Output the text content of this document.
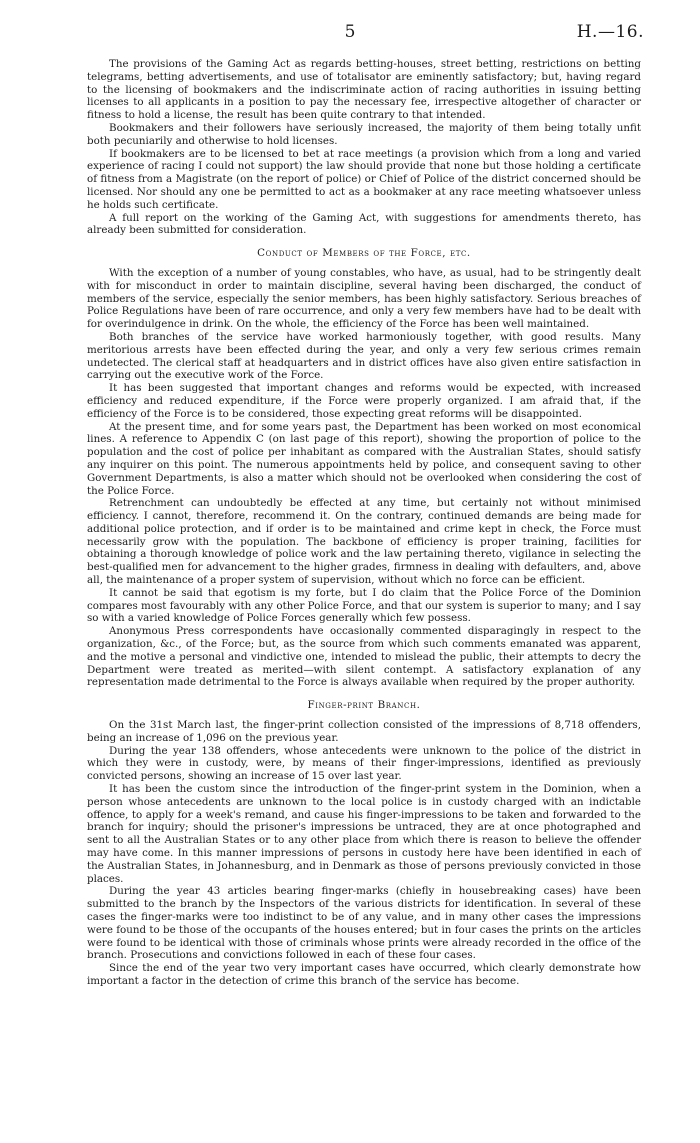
5	H.—16.

The provisions of the Gaming Act as regards betting-houses, street betting, restrictions on betting telegrams, betting advertisements, and use of totalisator are eminently satisfactory; but, having regard to the licensing of bookmakers and the indiscriminate action of racing authorities in issuing betting licenses to all applicants in a position to pay the necessary fee, irrespective altogether of character or fitness to hold a license, the result has been quite contrary to that intended.

Bookmakers and their followers have seriously increased, the majority of them being totally unfit both pecuniarily and otherwise to hold licenses.

If bookmakers are to be licensed to bet at race meetings (a provision which from a long and varied experience of racing I could not support) the law should provide that none but those holding a certificate of fitness from a Magistrate (on the report of police) or Chief of Police of the district concerned should be licensed. Nor should any one be permitted to act as a bookmaker at any race meeting whatsoever unless he holds such certificate.

A full report on the working of the Gaming Act, with suggestions for amendments thereto, has already been submitted for consideration.

Conduct of Members of the Force, etc.

With the exception of a number of young constables, who have, as usual, had to be stringently dealt with for misconduct in order to maintain discipline, several having been discharged, the conduct of members of the service, especially the senior members, has been highly satisfactory. Serious breaches of Police Regulations have been of rare occurrence, and only a very few members have had to be dealt with for overindulgence in drink. On the whole, the efficiency of the Force has been well maintained.

Both branches of the service have worked harmoniously together, with good results. Many meritorious arrests have been effected during the year, and only a very few serious crimes remain undetected. The clerical staff at headquarters and in district offices have also given entire satisfaction in carrying out the executive work of the Force.

It has been suggested that important changes and reforms would be expected, with increased efficiency and reduced expenditure, if the Force were properly organized. I am afraid that, if the efficiency of the Force is to be considered, those expecting great reforms will be disappointed.

At the present time, and for some years past, the Department has been worked on most economical lines. A reference to Appendix C (on last page of this report), showing the proportion of police to the population and the cost of police per inhabitant as compared with the Australian States, should satisfy any inquirer on this point. The numerous appointments held by police, and consequent saving to other Government Departments, is also a matter which should not be overlooked when considering the cost of the Police Force.

Retrenchment can undoubtedly be effected at any time, but certainly not without minimised efficiency. I cannot, therefore, recommend it. On the contrary, continued demands are being made for additional police protection, and if order is to be maintained and crime kept in check, the Force must necessarily grow with the population. The backbone of efficiency is proper training, facilities for obtaining a thorough knowledge of police work and the law pertaining thereto, vigilance in selecting the best-qualified men for advancement to the higher grades, firmness in dealing with defaulters, and, above all, the maintenance of a proper system of supervision, without which no force can be efficient.

It cannot be said that egotism is my forte, but I do claim that the Police Force of the Dominion compares most favourably with any other Police Force, and that our system is superior to many; and I say so with a varied knowledge of Police Forces generally which few possess.

Anonymous Press correspondents have occasionally commented disparagingly in respect to the organization, &c., of the Force; but, as the source from which such comments emanated was apparent, and the motive a personal and vindictive one, intended to mislead the public, their attempts to decry the Department were treated as merited—with silent contempt. A satisfactory explanation of any representation made detrimental to the Force is always available when required by the proper authority.

Finger-print Branch.

On the 31st March last, the finger-print collection consisted of the impressions of 8,718 offenders, being an increase of 1,096 on the previous year.

During the year 138 offenders, whose antecedents were unknown to the police of the district in which they were in custody, were, by means of their finger-impressions, identified as previously convicted persons, showing an increase of 15 over last year.

It has been the custom since the introduction of the finger-print system in the Dominion, when a person whose antecedents are unknown to the local police is in custody charged with an indictable offence, to apply for a week's remand, and cause his finger-impressions to be taken and forwarded to the branch for inquiry; should the prisoner's impressions be untraced, they are at once photographed and sent to all the Australian States or to any other place from which there is reason to believe the offender may have come. In this manner impressions of persons in custody here have been identified in each of the Australian States, in Johannesburg, and in Denmark as those of persons previously convicted in those places.

During the year 43 articles bearing finger-marks (chiefly in housebreaking cases) have been submitted to the branch by the Inspectors of the various districts for identification. In several of these cases the finger-marks were too indistinct to be of any value, and in many other cases the impressions were found to be those of the occupants of the houses entered; but in four cases the prints on the articles were found to be identical with those of criminals whose prints were already recorded in the office of the branch. Prosecutions and convictions followed in each of these four cases.

Since the end of the year two very important cases have occurred, which clearly demonstrate how important a factor in the detection of crime this branch of the service has become.
